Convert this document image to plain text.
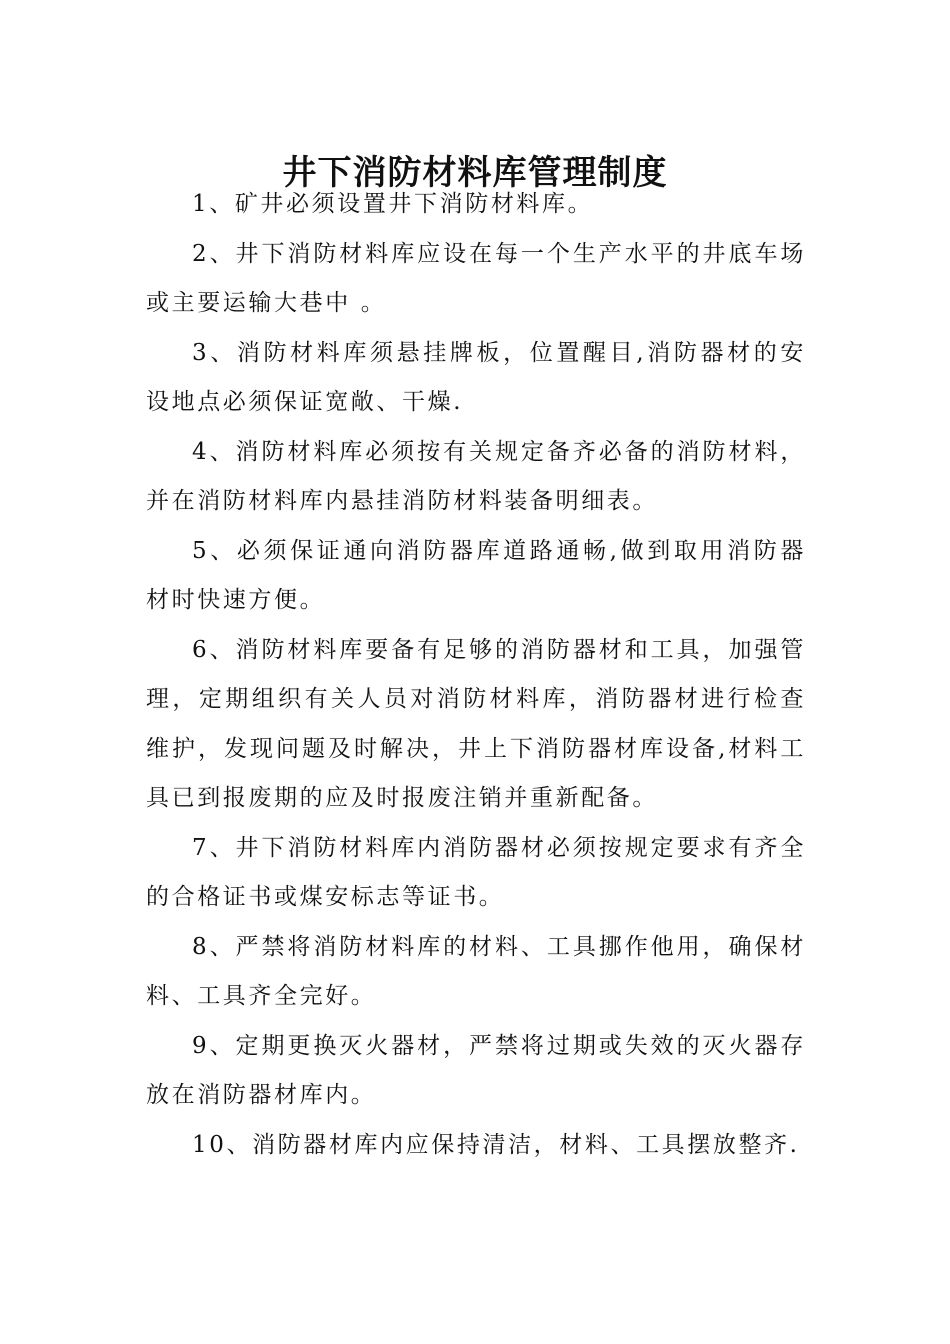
井下消防材料库管理制度

1、矿井必须设置井下消防材料库。

2、井下消防材料库应设在每一个生产水平的井底车场或主要运输大巷中 。

3、消防材料库须悬挂牌板，位置醒目,消防器材的安设地点必须保证宽敞、干燥.

4、消防材料库必须按有关规定备齐必备的消防材料，并在消防材料库内悬挂消防材料装备明细表。

5、必须保证通向消防器库道路通畅,做到取用消防器材时快速方便。

6、消防材料库要备有足够的消防器材和工具，加强管理，定期组织有关人员对消防材料库，消防器材进行检查维护，发现问题及时解决，井上下消防器材库设备,材料工具已到报废期的应及时报废注销并重新配备。

7、井下消防材料库内消防器材必须按规定要求有齐全的合格证书或煤安标志等证书。

8、严禁将消防材料库的材料、工具挪作他用，确保材料、工具齐全完好。

9、定期更换灭火器材，严禁将过期或失效的灭火器存放在消防器材库内。

10、消防器材库内应保持清洁，材料、工具摆放整齐.
